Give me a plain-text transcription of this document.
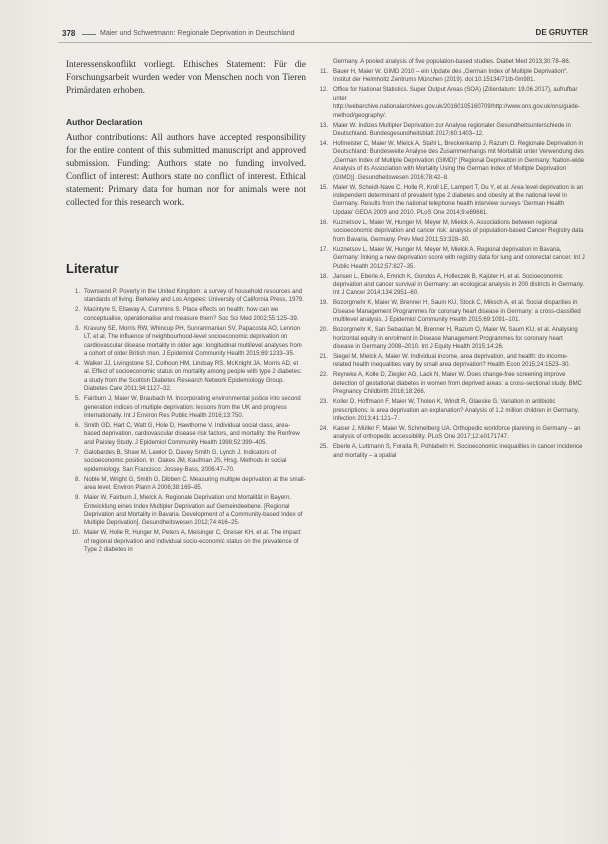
378	Maier und Schwetmann: Regionale Deprivation in Deutschland	DE GRUYTER

Interessenskonflikt vorliegt. Ethisches Statement: Für die Forschungsarbeit wurden weder von Menschen noch von Tieren Primärdaten erhoben.

Author Declaration

Author contributions: All authors have accepted responsibility for the entire content of this submitted manuscript and approved submission. Funding: Authors state no funding involved. Conflict of interest: Authors state no conflict of interest. Ethical statement: Primary data for human nor for animals were not collected for this research work.

Literatur
1. Townsend P. Poverty in the United Kingdom: a survey of household resources and standards of living. Berkeley and Los Angeles: University of California Press, 1979.
2. Macintyre S, Ellaway A, Cummins S. Place effects on health: how can we conceptualise, operationalise and measure them? Soc Sci Med 2002;55:125–39.
3. Kravuny SE, Morris RW, Whincup PH, Sunranmanian SV, Papacosta AO, Lennon LT, et al. The influence of neighbourhood-level socioeconomic deprivation on cardiovascular disease mortality in older age: longitudinal multilevel analyses from a cohort of older British men. J Epidemiol Community Health 2015;69:1233–35.
4. Walker JJ, Livingstone SJ, Colhoun HM, Lindsay RS, McKnight JA, Morris AD, et al. Effect of socioeconomic status on mortality among people with type 2 diabetes: a study from the Scottish Diabetes Research Network Epidemiology Group. Diabetes Care 2011;34:1127–32.
5. Fairburn J, Maier W, Braubach M. Incorporating environmental justice into second generation indices of multiple deprivation: lessons from the UK and progress internationally. Int J Environ Res Public Health 2016;13:750.
6. Smith GD, Hart C, Watt G, Hole D, Hawthorne V. Individual social class, area-based deprivation, cardiovascular disease risk factors, and mortality: the Renfrew and Paisley Study. J Epidemiol Community Health 1998;52:399–405.
7. Galobardes B, Shaw M, Lawlor D, Davey Smith G, Lynch J. Indicators of socioeconomic position. In: Oakes JM, Kaufman JS, Hrsg. Methods in social epidemiology. San Francisco: Jossey-Bass, 2006:47–70.
8. Noble M, Wright G, Smith G, Dibben C. Measuring multiple deprivation at the small-area level. Environ Plann A 2006;38:169–85.
9. Maier W, Fairburn J, Mielck A. Regionale Deprivation und Mortalität in Bayern. Entwicklung eines Index Multipler Deprivation auf Gemeindeebene. [Regional Deprivation and Mortality in Bavaria. Development of a Community-based Index of Multiple Deprivation]. Gesundheitswesen 2012;74:416–25.
10. Maier W, Holle R, Hunger M, Peters A, Meisinger C, Greiser KH, et al. The impact of regional deprivation and individual socio-economic status on the prevalence of Type 2 diabetes in
Germany. A pooled analysis of five population-based studies. Diabet Med 2013;30:78–86.
11. Bauer H, Maier W. GIMD 2010 – ein Update des „German Index of Multiple Deprivation“. Institut der Helmholtz Zentrums München (2019). doi:10.15134/71tb-0m981.
12. Office for National Statistics. Super Output Areas (SOA) (Zitierdatum: 19.06.2017), aufrufbar unter http://webarchive.nationalarchives.gov.uk/20160105160709/http://www.ons.gov.uk/ons/guide-method/geography/.
13. Maier W. Indizes Multipler Deprivation zur Analyse regionaler Gesundheitsunterschiede in Deutschland. Bundesgesundheitsblatt 2017;60:1403–12.
14. Hofmeister C, Maier W, Mielck A, Stahl L, Breckenkamp J, Razum O. Regionale Deprivation in Deutschland: Bundesweite Analyse des Zusammenhangs mit Mortalität unter Verwendung des „German Index of Multiple Deprivation (GIMD)“ [Regional Deprivation in Germany: Nation-wide Analysis of its Association with Mortality Using the German Index of Multiple Deprivation (GIMD)]. Gesundheitswesen 2016;78:42–8.
15. Maier W, Scheidt-Nave C, Holle R, Kroll LE, Lampert T, Du Y, et al. Area level deprivation is an independent determinant of prevalent type 2 diabetes and obesity at the national level in Germany. Results from the national telephone health interview surveys 'German Health Update' GEDA 2009 and 2010. PLoS One 2014;9:e89661.
16. Kuznetsov L, Maier W, Hunger M, Meyer M, Mielck A. Associations between regional socioeconomic deprivation and cancer risk: analysis of population-based Cancer Registry data from Bavaria, Germany. Prev Med 2011;53:328–30.
17. Kuznetsov L, Maier W, Hunger M, Meyer M, Mielck A. Regional deprivation in Bavaria, Germany: linking a new deprivation score with registry data for lung and colorectal cancer. Int J Public Health 2012;57:827–35.
18. Jansen L, Eberle A, Emrich K, Gondos A, Holleczek B, Kajüter H, et al. Socioeconomic deprivation and cancer survival in Germany: an ecological analysis in 200 districts in Germany. Int J Cancer 2014;134:2951–60.
19. Bozorgmehr K, Maier W, Brenner H, Saum KU, Stock C, Miksch A, et al. Social disparities in Disease Management Programmes for coronary heart disease in Germany: a cross-classified multilevel analysis. J Epidemiol Community Health 2015;69:1091–101.
20. Bozorgmehr K, San Sebastian M, Brenner H, Razum O, Maier W, Saum KU, et al. Analysing horizontal equity in enrolment in Disease Management Programmes for coronary heart disease in Germany 2008–2010. Int J Equity Health 2015;14:26.
21. Siegel M, Mielck A, Maier W. Individual income, area deprivation, and health: do income-related health inequalities vary by small area deprivation? Health Econ 2015;24:1523–30.
22. Reyneke A, Kolle D, Ziegler AG, Lack N, Maier W. Does change-free screening improve detection of gestational diabetes in women from deprived areas: a cross-sectional study. BMC Pregnancy Childbirth 2018;18:266.
23. Koller D, Hoffmann F, Maier W, Tholen K, Windt R, Glaeske G. Variation in antibiotic prescriptions: is area deprivation an explanation? Analysis of 1.2 million children in Germany. Infection 2013;41:121–7.
24. Kaiser J, Müller F, Maier W, Schmelberg UA. Orthopedic workforce planning in Germany – an analysis of orthopedic accessibility. PLoS One 2017;12:e0171747.
25. Eberle A, Luttmann S, Foraita R, Pohlabeln H. Socioeconomic inequalities in cancer incidence and mortality – a spatial
